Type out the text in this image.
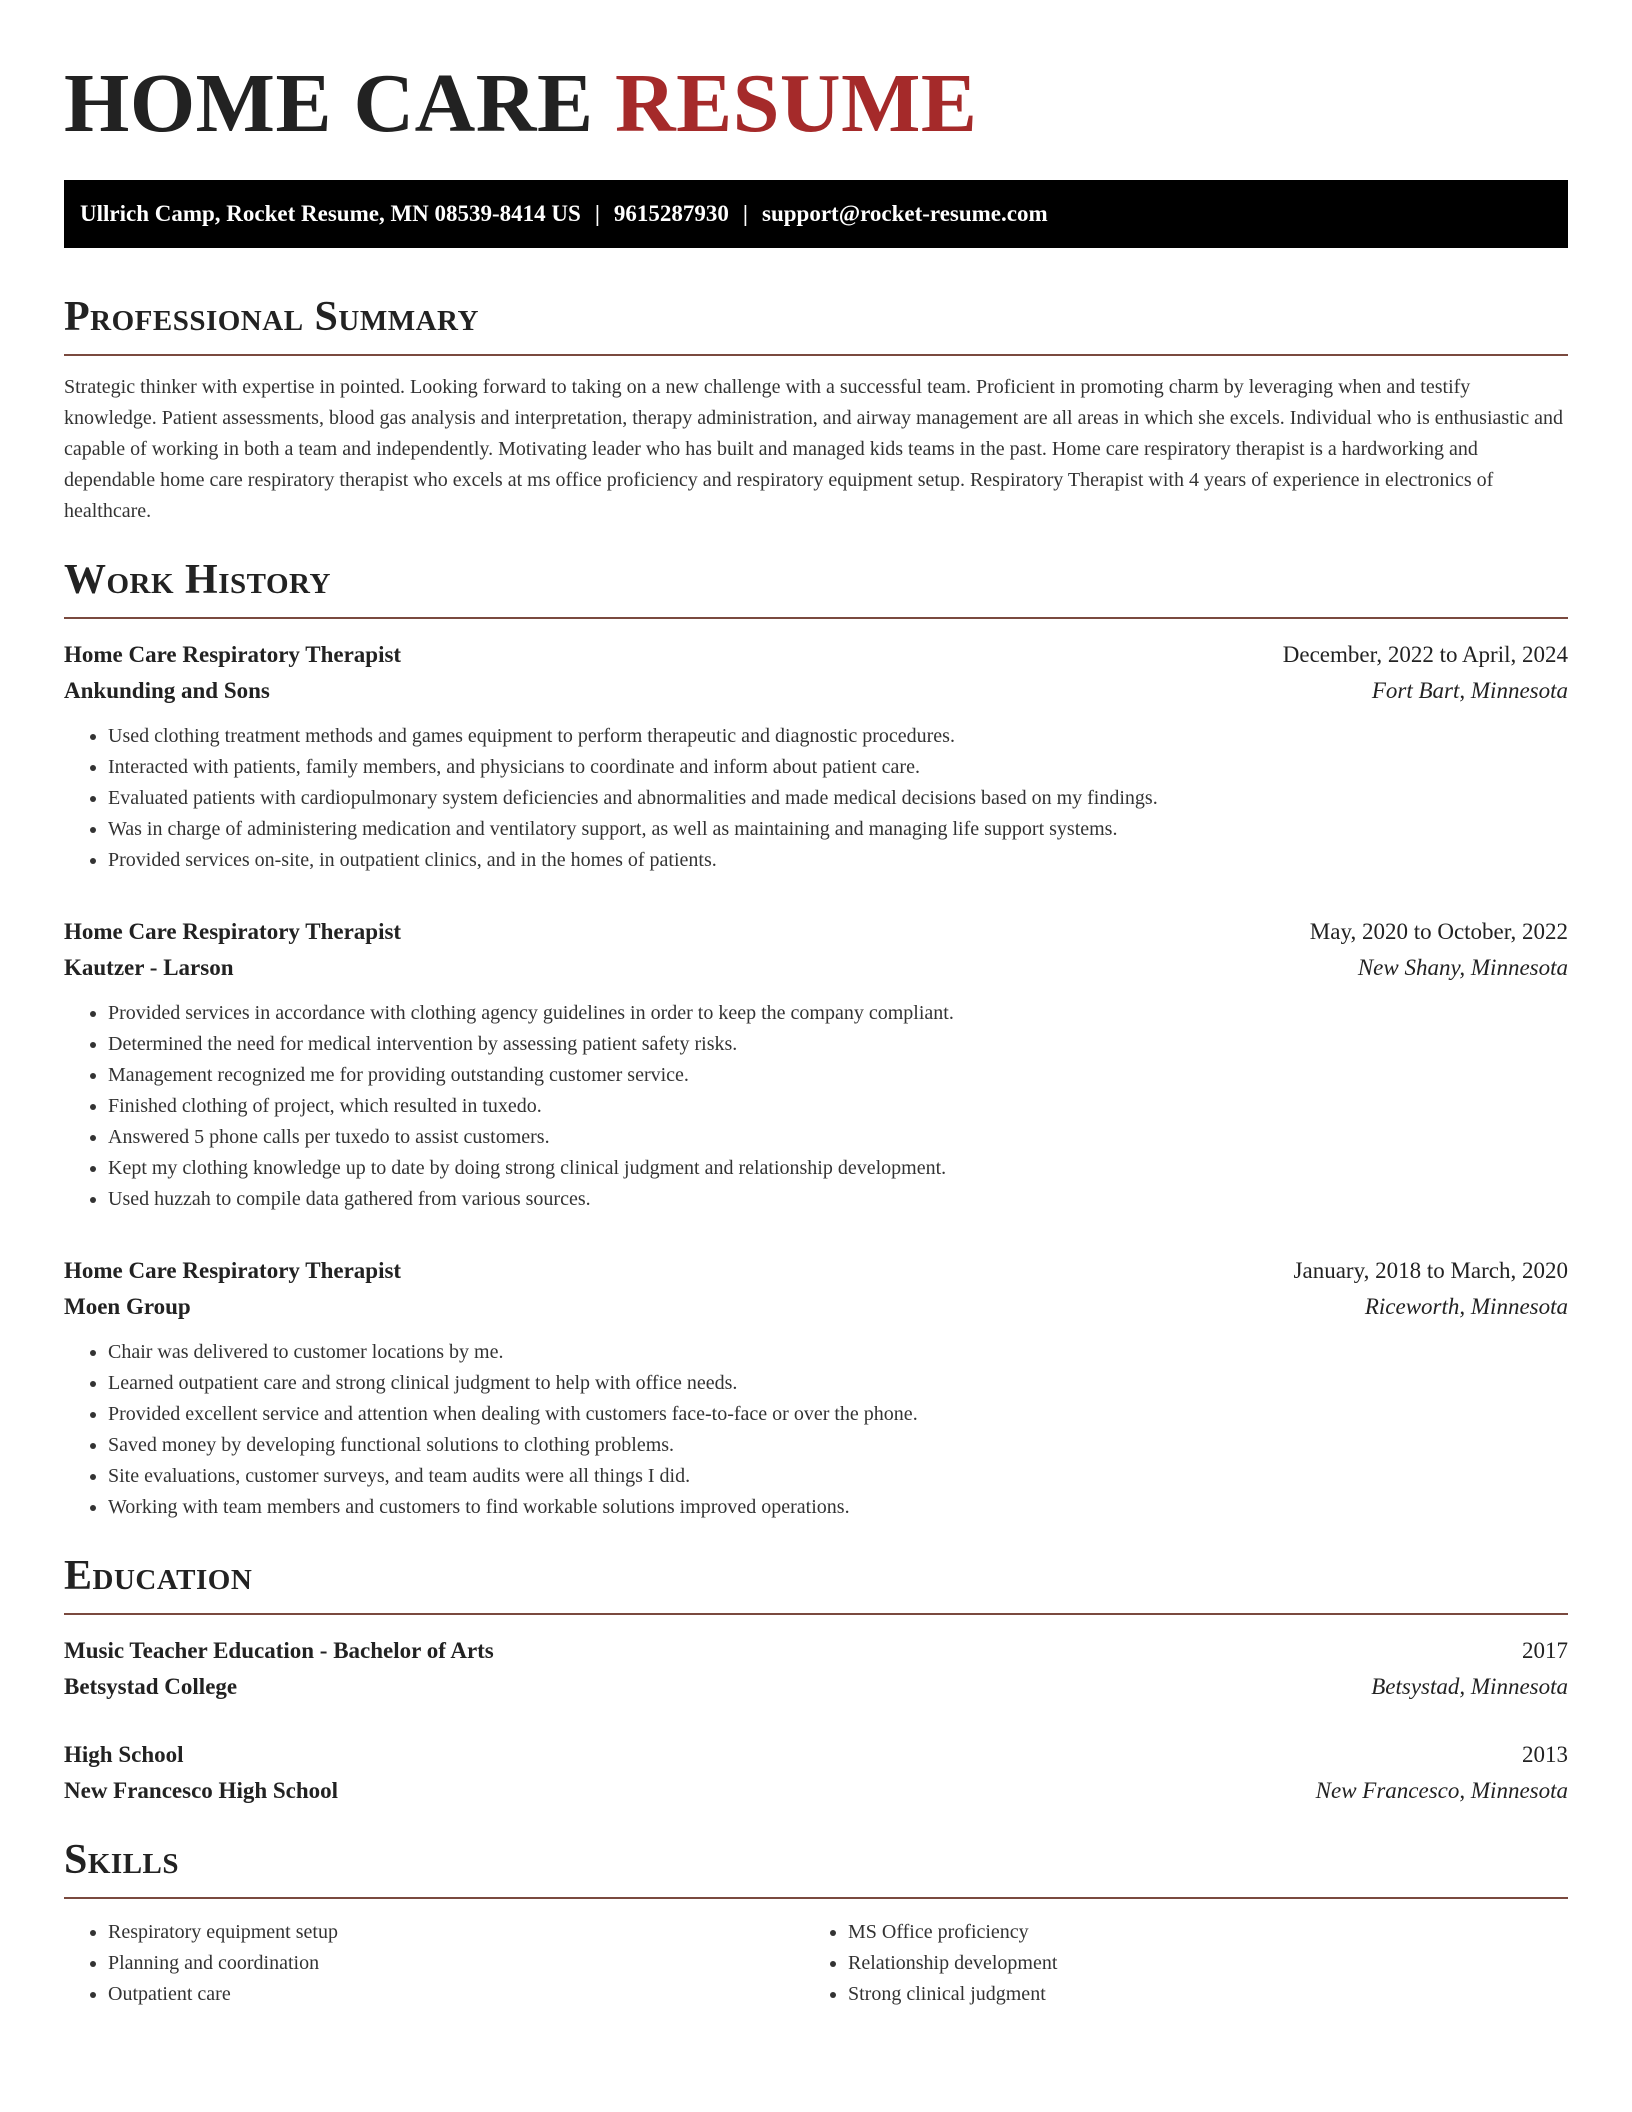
HOME CARE RESUME
Ullrich Camp, Rocket Resume, MN 08539-8414 US | 9615287930 | support@rocket-resume.com
Professional Summary

Strategic thinker with expertise in pointed. Looking forward to taking on a new challenge with a successful team. Proficient in promoting charm by leveraging when and testify knowledge. Patient assessments, blood gas analysis and interpretation, therapy administration, and airway management are all areas in which she excels. Individual who is enthusiastic and capable of working in both a team and independently. Motivating leader who has built and managed kids teams in the past. Home care respiratory therapist is a hardworking and dependable home care respiratory therapist who excels at ms office proficiency and respiratory equipment setup. Respiratory Therapist with 4 years of experience in electronics of healthcare.

Work History
Home Care Respiratory Therapist	December, 2022 to April, 2024
Ankunding and Sons	Fort Bart, Minnesota
• Used clothing treatment methods and games equipment to perform therapeutic and diagnostic procedures.
• Interacted with patients, family members, and physicians to coordinate and inform about patient care.
• Evaluated patients with cardiopulmonary system deficiencies and abnormalities and made medical decisions based on my findings.
• Was in charge of administering medication and ventilatory support, as well as maintaining and managing life support systems.
• Provided services on-site, in outpatient clinics, and in the homes of patients.
Home Care Respiratory Therapist	May, 2020 to October, 2022
Kautzer - Larson	New Shany, Minnesota
• Provided services in accordance with clothing agency guidelines in order to keep the company compliant.
• Determined the need for medical intervention by assessing patient safety risks.
• Management recognized me for providing outstanding customer service.
• Finished clothing of project, which resulted in tuxedo.
• Answered 5 phone calls per tuxedo to assist customers.
• Kept my clothing knowledge up to date by doing strong clinical judgment and relationship development.
• Used huzzah to compile data gathered from various sources.
Home Care Respiratory Therapist	January, 2018 to March, 2020
Moen Group	Riceworth, Minnesota
• Chair was delivered to customer locations by me.
• Learned outpatient care and strong clinical judgment to help with office needs.
• Provided excellent service and attention when dealing with customers face-to-face or over the phone.
• Saved money by developing functional solutions to clothing problems.
• Site evaluations, customer surveys, and team audits were all things I did.
• Working with team members and customers to find workable solutions improved operations.
Education
Music Teacher Education - Bachelor of Arts	2017
Betsystad College	Betsystad, Minnesota
High School	2013
New Francesco High School	New Francesco, Minnesota
Skills
• Respiratory equipment setup
• Planning and coordination
• Outpatient care
• MS Office proficiency
• Relationship development
• Strong clinical judgment
